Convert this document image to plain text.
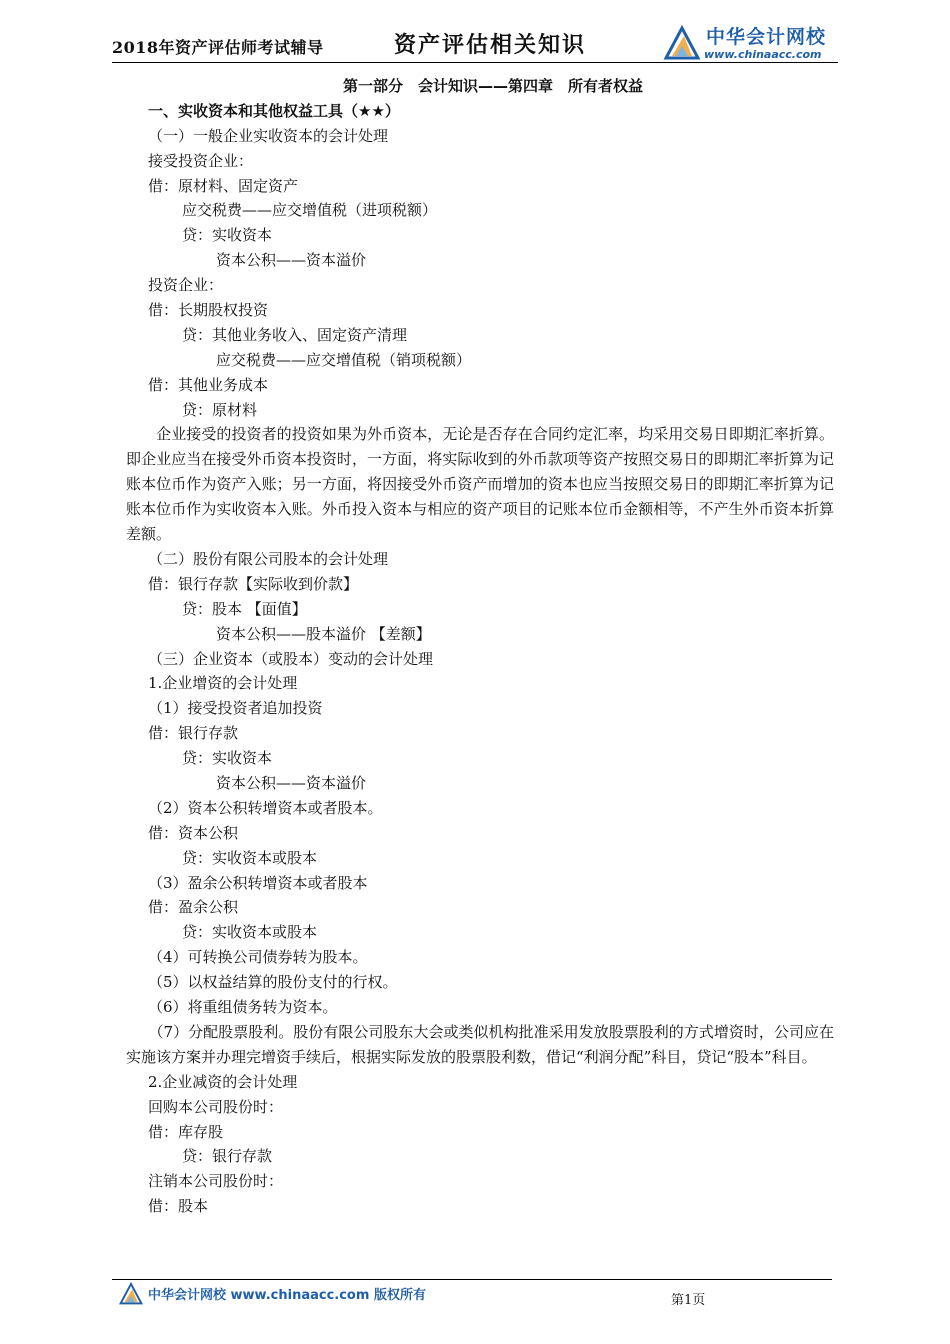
2018年资产评估师考试辅导	资产评估相关知识	中华会计网校
www.chinaacc.com
第一部分　会计知识——第四章　所有者权益
一、实收资本和其他权益工具（★★）
（一）一般企业实收资本的会计处理
接受投资企业：
借：原材料、固定资产
应交税费——应交增值税（进项税额）
贷：实收资本
资本公积——资本溢价
投资企业：
借：长期股权投资
贷：其他业务收入、固定资产清理
应交税费——应交增值税（销项税额）
借：其他业务成本
贷：原材料
　　企业接受的投资者的投资如果为外币资本，无论是否存在合同约定汇率，均采用交易日即期汇率折算。即企业应当在接受外币资本投资时，一方面，将实际收到的外币款项等资产按照交易日的即期汇率折算为记账本位币作为资产入账；另一方面，将因接受外币资产而增加的资本也应当按照交易日的即期汇率折算为记账本位币作为实收资本入账。外币投入资本与相应的资产项目的记账本位币金额相等，不产生外币资本折算差额。
（二）股份有限公司股本的会计处理
借：银行存款【实际收到价款】
贷：股本 【面值】
资本公积——股本溢价 【差额】
（三）企业资本（或股本）变动的会计处理
1.企业增资的会计处理
（1）接受投资者追加投资
借：银行存款
贷：实收资本
资本公积——资本溢价
（2）资本公积转增资本或者股本。
借：资本公积
贷：实收资本或股本
（3）盈余公积转增资本或者股本
借：盈余公积
贷：实收资本或股本
（4）可转换公司债券转为股本。
（5）以权益结算的股份支付的行权。
（6）将重组债务转为资本。
　　（7）分配股票股利。股份有限公司股东大会或类似机构批准采用发放股票股利的方式增资时，公司应在实施该方案并办理完增资手续后，根据实际发放的股票股利数，借记“利润分配”科目，贷记“股本”科目。
2.企业减资的会计处理
回购本公司股份时：
借：库存股
贷：银行存款
注销本公司股份时：
借：股本
中华会计网校 www.chinaacc.com 版权所有	第1页
